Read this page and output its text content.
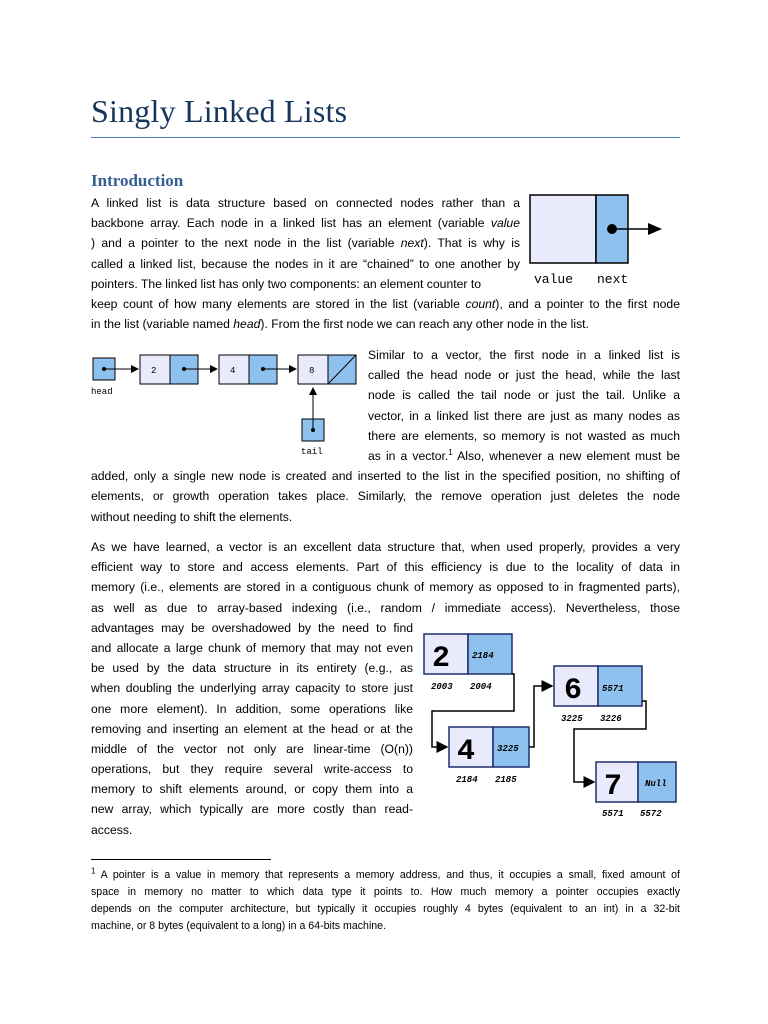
Singly Linked Lists
Introduction
A linked list is data structure based on connected nodes rather than a
backbone array. Each node in a linked list has an element (variable value
) and a pointer to the next node in the list (variable next). That is why is
called a linked list, because the nodes in it are “chained” to one another by
pointers. The linked list has only two components: an element counter to
keep count of how many elements are stored in the list (variable count), and a pointer to the first node
in the list (variable named head). From the first node we can reach any other node in the list.
value next
head
2	4	8
tail
Similar to a vector, the first node in a linked list is
called the head node or just the head, while the last
node is called the tail node or just the tail. Unlike a
vector, in a linked list there are just as many nodes as
there are elements, so memory is not wasted as much
as in a vector.$^1$ Also, whenever a new element must be
added, only a single new node is created and inserted to the list in the specified position, no shifting of
elements, or growth operation takes place. Similarly, the remove operation just deletes the node
without needing to shift the elements.
As we have learned, a vector is an excellent data structure that, when used properly, provides a very
efficient way to store and access elements. Part of this efficiency is due to the locality of data in
memory (i.e., elements are stored in a contiguous chunk of memory as opposed to in fragmented parts),
as well as due to array-based indexing (i.e., random / immediate access). Nevertheless, those
advantages may be overshadowed by the need to find
and allocate a large chunk of memory that may not even
be used by the data structure in its entirety (e.g., as
when doubling the underlying array capacity to store just
one more element). In addition, some operations like
removing and inserting an element at the head or at the
middle of the vector not only are linear-time (O(n))
operations, but they require several write-access to
memory to shift elements around, or copy them into a
new array, which typically are more costly than read-
access.
2 2184
2003 2004 6 5571
3225 3226
4 3225
2184 2185	7	Null
5571 5572
$^1$ A pointer is a value in memory that represents a memory address, and thus, it occupies a small, fixed amount of
space in memory no matter to which data type it points to. How much memory a pointer occupies exactly
depends on the computer architecture, but typically it occupies roughly 4 bytes (equivalent to an int) in a 32-bit
machine, or 8 bytes (equivalent to a long) in a 64-bits machine.
